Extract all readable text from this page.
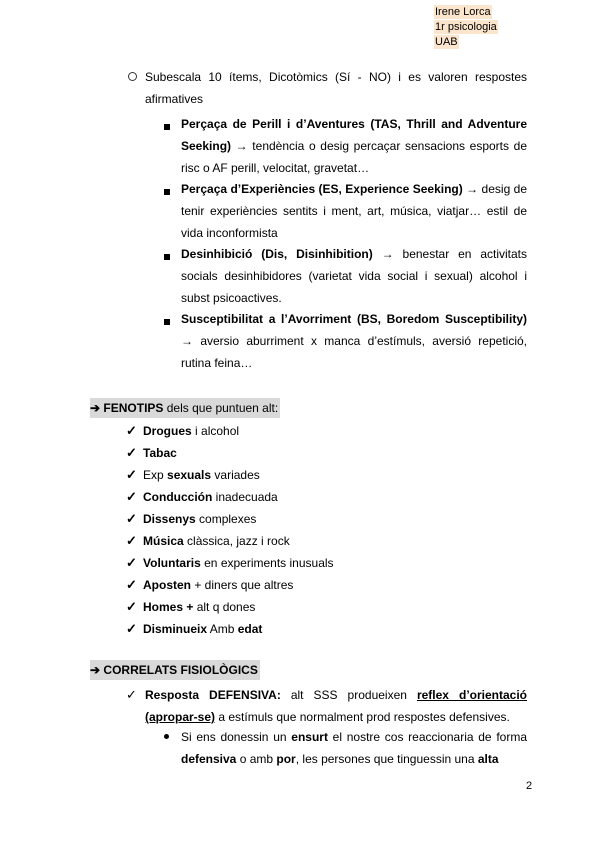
Irene Lorca
1r psicologia
UAB
Subescala 10 ítems, Dicotòmics (Sí - NO) i es valoren respostes afirmatives
Perçaça de Perill i d’Aventures (TAS, Thrill and Adventure Seeking) → tendència o desig percaçar sensacions esports de risc o AF perill, velocitat, gravetat…
Perçaça d’Experiències (ES, Experience Seeking) → desig de tenir experiències sentits i ment, art, música, viatjar… estil de vida inconformista
Desinhibició (Dis, Disinhibition) → benestar en activitats socials desinhibidores (varietat vida social i sexual) alcohol i subst psicoactives.
Susceptibilitat a l’Avorriment (BS, Boredom Susceptibility) → aversio aburriment x manca d’estímuls, aversió repetició, rutina feina…
➔ FENOTIPS dels que puntuen alt:
✓ Drogues i alcohol
✓ Tabac
✓ Exp sexuals variades
✓ Conducción inadecuada
✓ Dissenys complexes
✓ Música clàssica, jazz i rock
✓ Voluntaris en experiments inusuals
✓ Aposten + diners que altres
✓ Homes + alt q dones
✓ Disminueix Amb edat
➔ CORRELATS FISIOLÒGICS
✓ Resposta DEFENSIVA: alt SSS produeixen reflex d’orientació (apropar-se) a estímuls que normalment prod respostes defensives.
Si ens donessin un ensurt el nostre cos reaccionaria de forma defensiva o amb por, les persones que tinguessin una alta
2
